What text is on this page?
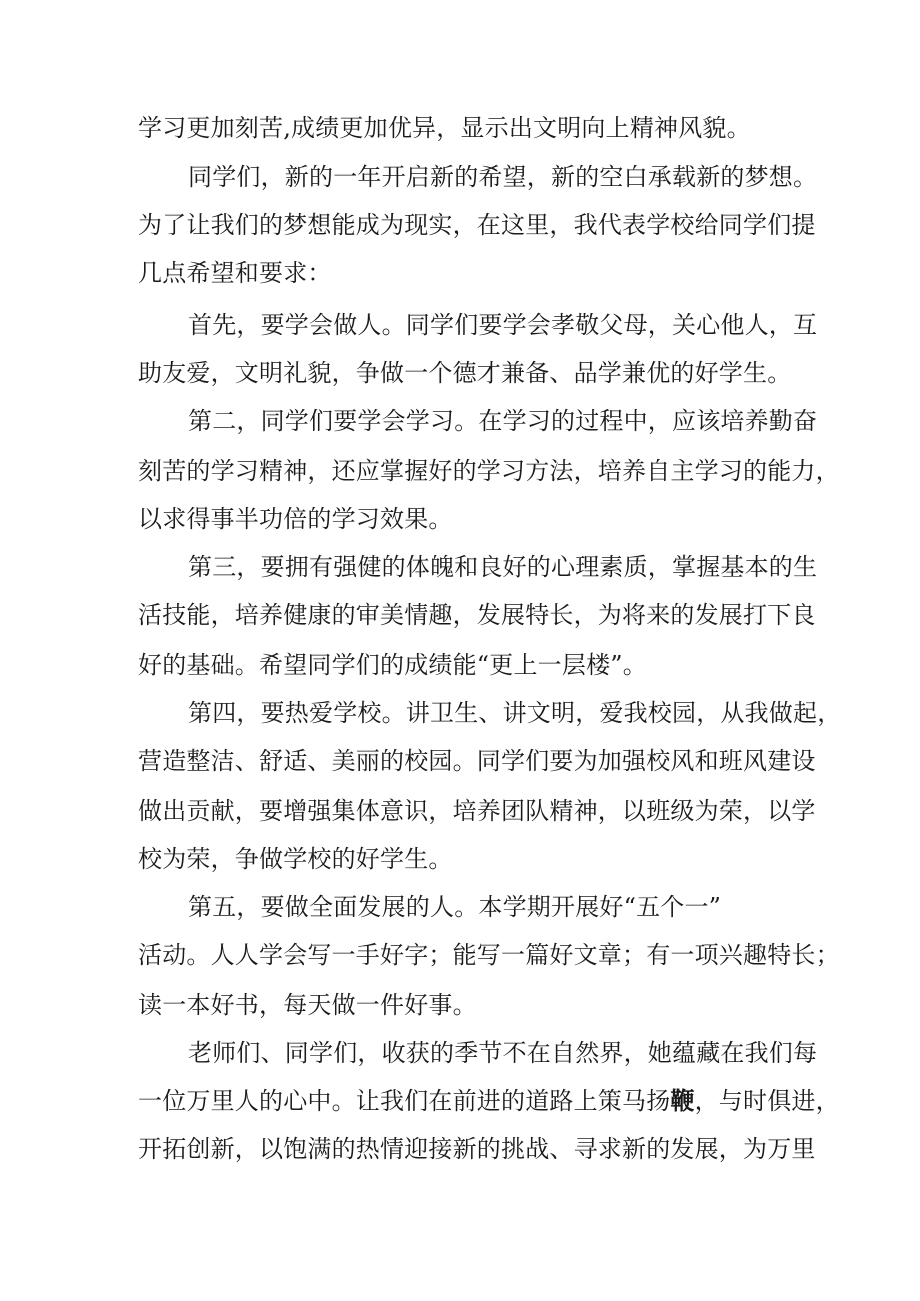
学习更加刻苦,成绩更加优异，显示出文明向上精神风貌。
同学们，新的一年开启新的希望，新的空白承载新的梦想。
为了让我们的梦想能成为现实，在这里，我代表学校给同学们提
几点希望和要求：
首先，要学会做人。同学们要学会孝敬父母，关心他人，互
助友爱，文明礼貌，争做一个德才兼备、品学兼优的好学生。
第二，同学们要学会学习。在学习的过程中，应该培养勤奋
刻苦的学习精神，还应掌握好的学习方法，培养自主学习的能力，
以求得事半功倍的学习效果。
第三，要拥有强健的体魄和良好的心理素质，掌握基本的生
活技能，培养健康的审美情趣，发展特长，为将来的发展打下良
好的基础。希望同学们的成绩能“更上一层楼”。
第四，要热爱学校。讲卫生、讲文明，爱我校园，从我做起，
营造整洁、舒适、美丽的校园。同学们要为加强校风和班风建设
做出贡献，要增强集体意识，培养团队精神，以班级为荣，以学
校为荣，争做学校的好学生。
第五，要做全面发展的人。本学期开展好“五个一”
活动。人人学会写一手好字；能写一篇好文章；有一项兴趣特长；
读一本好书，每天做一件好事。
老师们、同学们，收获的季节不在自然界，她蕴藏在我们每
一位万里人的心中。让我们在前进的道路上策马扬鞭，与时俱进，
开拓创新，以饱满的热情迎接新的挑战、寻求新的发展，为万里
